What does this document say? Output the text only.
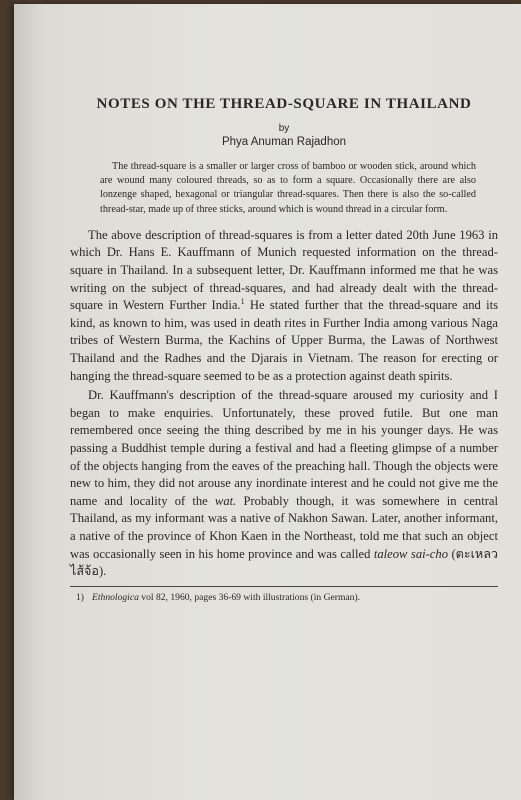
NOTES ON THE THREAD-SQUARE IN THAILAND
by
Phya Anuman Rajadhon

The thread-square is a smaller or larger cross of bamboo or wooden stick, around which are wound many coloured threads, so as to form a square. Occasionally there are also lonzenge shaped, hexagonal or triangular thread-squares. Then there is also the so-called thread-star, made up of three sticks, around which is wound thread in a circular form.

The above description of thread-squares is from a letter dated 20th June 1963 in which Dr. Hans E. Kauffmann of Munich requested information on the thread-square in Thailand. In a subsequent letter, Dr. Kauffmann informed me that he was writing on the subject of thread-squares, and had already dealt with the thread-square in Western Further India.$^1$ He stated further that the thread-square and its kind, as known to him, was used in death rites in Further India among various Naga tribes of Western Burma, the Kachins of Upper Burma, the Lawas of Northwest Thailand and the Radhes and the Djarais in Vietnam. The reason for erecting or hanging the thread-square seemed to be as a protection against death spirits.

Dr. Kauffmann's description of the thread-square aroused my curiosity and I began to make enquiries. Unfortunately, these proved futile. But one man remembered once seeing the thing described by me in his younger days. He was passing a Buddhist temple during a festival and had a fleeting glimpse of a number of the objects hanging from the eaves of the preaching hall. Though the objects were new to him, they did not arouse any inordinate interest and he could not give me the name and locality of the wat. Probably though, it was somewhere in central Thailand, as my informant was a native of Nakhon Sawan. Later, another informant, a native of the province of Khon Kaen in the Northeast, told me that such an object was occasionally seen in his home province and was called taleow sai-cho (ตะเหลวไส้จ้อ).

1) Ethnologica vol 82, 1960, pages 36-69 with illustrations (in German).
